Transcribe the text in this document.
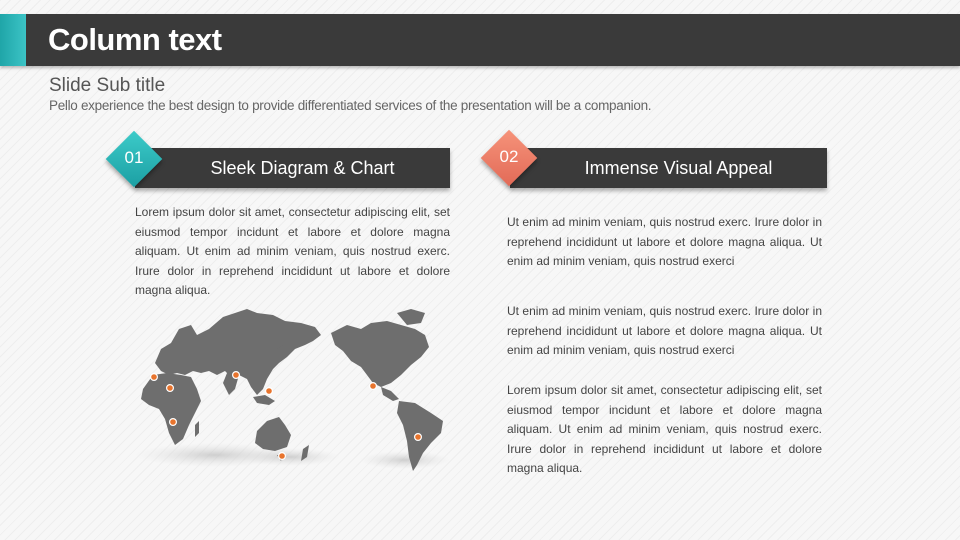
Column text
Slide Sub title
Pello experience the best design to provide differentiated services of the presentation will be a companion.
Sleek Diagram & Chart
01
Lorem ipsum dolor sit amet, consectetur adipiscing elit, set eiusmod tempor incidunt et labore et dolore magna aliquam. Ut enim ad minim veniam, quis nostrud exerc. Irure dolor in reprehend incididunt ut labore et dolore magna aliqua.
Immense Visual Appeal
02
Ut enim ad minim veniam, quis nostrud exerc. Irure dolor in reprehend incididunt ut labore et dolore magna aliqua. Ut enim ad minim veniam, quis nostrud exerci
Ut enim ad minim veniam, quis nostrud exerc. Irure dolor in reprehend incididunt ut labore et dolore magna aliqua. Ut enim ad minim veniam, quis nostrud exerci
Lorem ipsum dolor sit amet, consectetur adipiscing elit, set eiusmod tempor incidunt et labore et dolore magna aliquam. Ut enim ad minim veniam, quis nostrud exerc. Irure dolor in reprehend incididunt ut labore et dolore magna aliqua.
